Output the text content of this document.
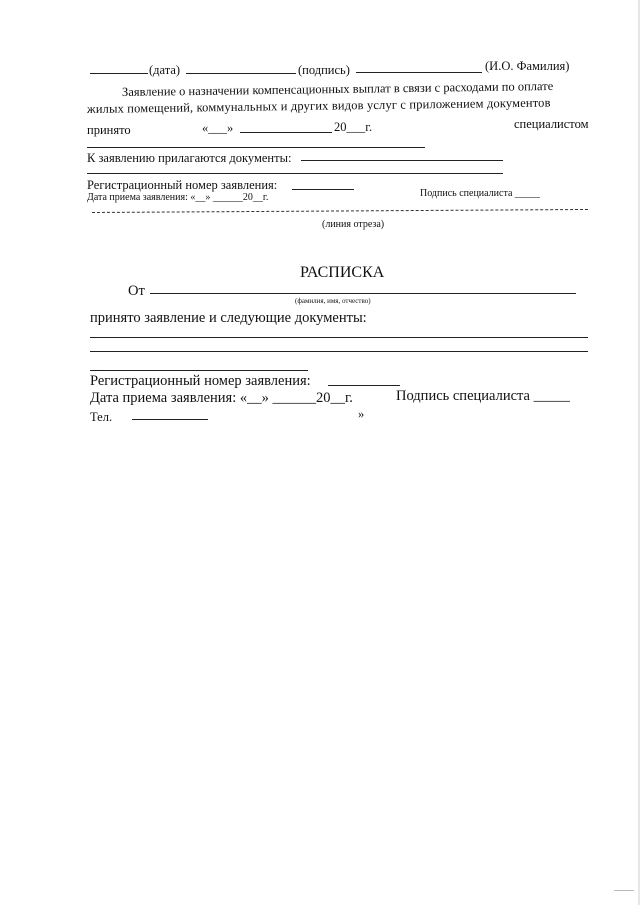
(дата)	(подпись)	(И.О. Фамилия)
Заявление о назначении компенсационных выплат в связи с расходами по оплате
жилых помещений, коммунальных и других видов услуг с приложением документов
принято	«___»	20___г.	специалистом
К заявлению прилагаются документы:
Регистрационный номер заявления:
Дата приема заявления: «__» ______20__г.	Подпись специалиста _____
(линия отреза)
РАСПИСКА
От
(фамилия, имя, отчество)
принято заявление и следующие документы:
Регистрационный номер заявления:
Дата приема заявления: «__» ______20__г.	Подпись специалиста _____
Тел.	»
